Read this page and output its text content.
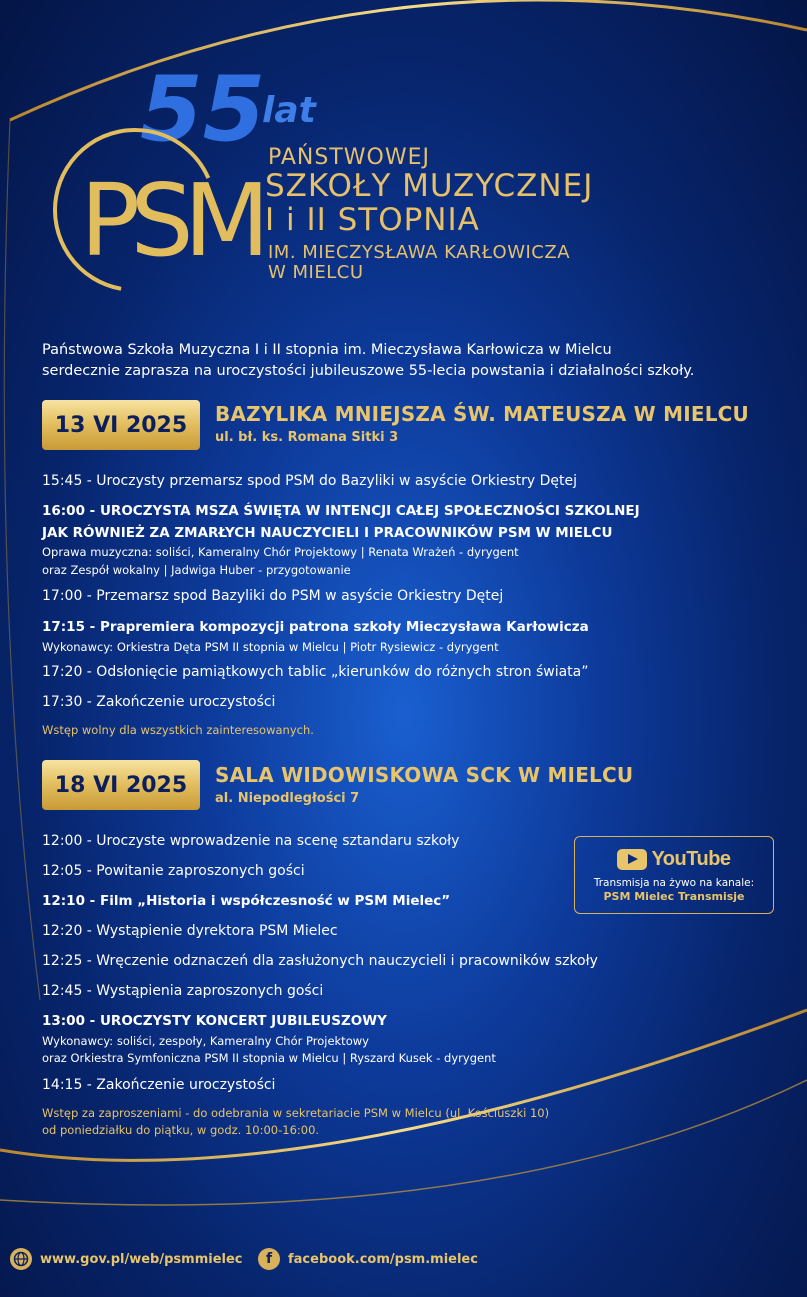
55
PSM
lat
PAŃSTWOWEJ
SZKOŁY MUZYCZNEJ
I i II STOPNIA
IM. MIECZYSŁAWA KARŁOWICZA
W MIELCU
Państwowa Szkoła Muzyczna I i II stopnia im. Mieczysława Karłowicza w Mielcu
serdecznie zaprasza na uroczystości jubileuszowe 55-lecia powstania i działalności szkoły.
13 VI 2025	BAZYLIKA MNIEJSZA ŚW. MATEUSZA W MIELCU
ul. bł. ks. Romana Sitki 3
15:45 - Uroczysty przemarsz spod PSM do Bazyliki w asyście Orkiestry Dętej
16:00 - UROCZYSTA MSZA ŚWIĘTA W INTENCJI CAŁEJ SPOŁECZNOŚCI SZKOLNEJ
JAK RÓWNIEŻ ZA ZMARŁYCH NAUCZYCIELI I PRACOWNIKÓW PSM W MIELCU
Oprawa muzyczna: soliści, Kameralny Chór Projektowy | Renata Wrażeń - dyrygent
oraz Zespół wokalny | Jadwiga Huber - przygotowanie
17:00 - Przemarsz spod Bazyliki do PSM w asyście Orkiestry Dętej
17:15 - Prapremiera kompozycji patrona szkoły Mieczysława Karłowicza
Wykonawcy: Orkiestra Dęta PSM II stopnia w Mielcu | Piotr Rysiewicz - dyrygent
17:20 - Odsłonięcie pamiątkowych tablic „kierunków do różnych stron świata”
17:30 - Zakończenie uroczystości
Wstęp wolny dla wszystkich zainteresowanych.
18 VI 2025	SALA WIDOWISKOWA SCK W MIELCU
al. Niepodległości 7
12:00 - Uroczyste wprowadzenie na scenę sztandaru szkoły
12:05 - Powitanie zaproszonych gości
12:10 - Film „Historia i współczesność w PSM Mielec”
12:20 - Wystąpienie dyrektora PSM Mielec
12:25 - Wręczenie odznaczeń dla zasłużonych nauczycieli i pracowników szkoły
12:45 - Wystąpienia zaproszonych gości
13:00 - UROCZYSTY KONCERT JUBILEUSZOWY
Wykonawcy: soliści, zespoły, Kameralny Chór Projektowy
oraz Orkiestra Symfoniczna PSM II stopnia w Mielcu | Ryszard Kusek - dyrygent
14:15 - Zakończenie uroczystości
Wstęp za zaproszeniami - do odebrania w sekretariacie PSM w Mielcu (ul. Kościuszki 10)
od poniedziałku do piątku, w godz. 10:00-16:00.
YouTube
Transmisja na żywo na kanale:
PSM Mielec Transmisje
www.gov.pl/web/psmmielec	f	facebook.com/psm.mielec
